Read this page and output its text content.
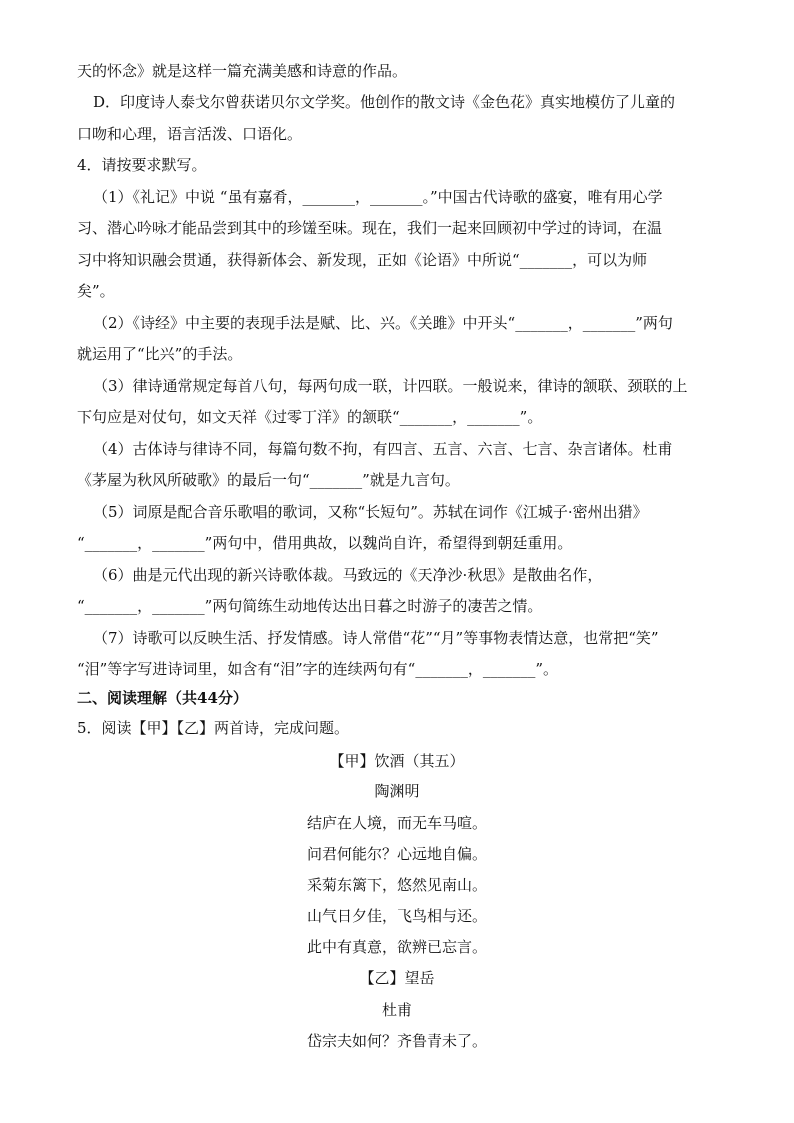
天的怀念》就是这样一篇充满美感和诗意的作品。
D．印度诗人泰戈尔曾获诺贝尔文学奖。他创作的散文诗《金色花》真实地模仿了儿童的
口吻和心理，语言活泼、口语化。
4．请按要求默写。
（1）《礼记》中说 “虽有嘉肴，_______，_______。”中国古代诗歌的盛宴，唯有用心学
习、潜心吟咏才能品尝到其中的珍馐至味。现在，我们一起来回顾初中学过的诗词，在温
习中将知识融会贯通，获得新体会、新发现，正如《论语》中所说“_______，可以为师
矣”。
（2）《诗经》中主要的表现手法是赋、比、兴。《关雎》中开头“_______，_______”两句
就运用了“比兴”的手法。
（3）律诗通常规定每首八句，每两句成一联，计四联。一般说来，律诗的颔联、颈联的上
下句应是对仗句，如文天祥《过零丁洋》的颔联“_______，_______”。
（4）古体诗与律诗不同，每篇句数不拘，有四言、五言、六言、七言、杂言诸体。杜甫
《茅屋为秋风所破歌》的最后一句“_______”就是九言句。
（5）词原是配合音乐歌唱的歌词，又称“长短句”。苏轼在词作《江城子·密州出猎》
“_______，_______”两句中，借用典故，以魏尚自许，希望得到朝廷重用。
（6）曲是元代出现的新兴诗歌体裁。马致远的《天净沙·秋思》是散曲名作，
“_______，_______”两句简练生动地传达出日暮之时游子的凄苦之情。
（7）诗歌可以反映生活、抒发情感。诗人常借“花”“月”等事物表情达意，也常把“笑”
“泪”等字写进诗词里，如含有“泪”字的连续两句有“_______，_______”。
二、阅读理解（共44分）
5．阅读【甲】【乙】两首诗，完成问题。
【甲】饮酒（其五）
陶渊明
结庐在人境，而无车马喧。
问君何能尔？心远地自偏。
采菊东篱下，悠然见南山。
山气日夕佳，飞鸟相与还。
此中有真意，欲辨已忘言。
【乙】望岳
杜甫
岱宗夫如何？齐鲁青未了。
